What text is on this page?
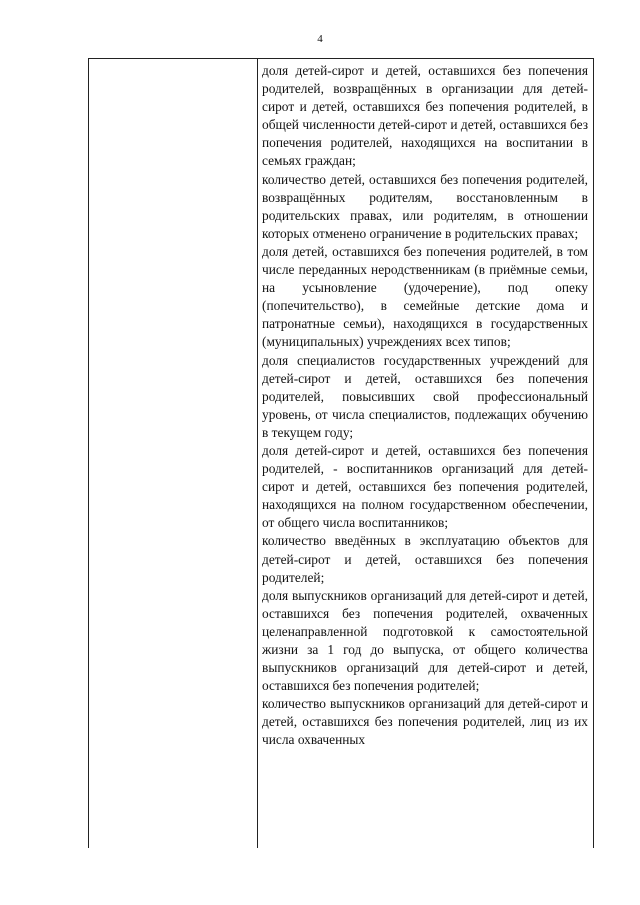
4

доля детей-сирот и детей, оставшихся без попечения родителей, возвращённых в организации для детей-сирот и детей, оставшихся без попечения родителей, в общей численности детей-сирот и детей, оставшихся без попечения родителей, находящихся на воспитании в семьях граждан;

количество детей, оставшихся без попечения родителей, возвращённых родителям, восстановленным в родительских правах, или родителям, в отношении которых отменено ограничение в родительских правах;

доля детей, оставшихся без попечения родителей, в том числе переданных неродственникам (в приёмные семьи, на усыновление (удочерение), под опеку (попечительство), в семейные детские дома и патронатные семьи), находящихся в государственных (муниципальных) учреждениях всех типов;

доля специалистов государственных учреждений для детей-сирот и детей, оставшихся без попечения родителей, повысивших свой профессиональный уровень, от числа специалистов, подлежащих обучению в текущем году;

доля детей-сирот и детей, оставшихся без попечения родителей, - воспитанников организаций для детей-сирот и детей, оставшихся без попечения родителей, находящихся на полном государственном обеспечении, от общего числа воспитанников;

количество введённых в эксплуатацию объектов для детей-сирот и детей, оставшихся без попечения родителей;

доля выпускников организаций для детей-сирот и детей, оставшихся без попечения родителей, охваченных целенаправленной подготовкой к самостоятельной жизни за 1 год до выпуска, от общего количества выпускников организаций для детей-сирот и детей, оставшихся без попечения родителей;

количество выпускников организаций для детей-сирот и детей, оставшихся без попечения родителей, лиц из их числа охваченных
